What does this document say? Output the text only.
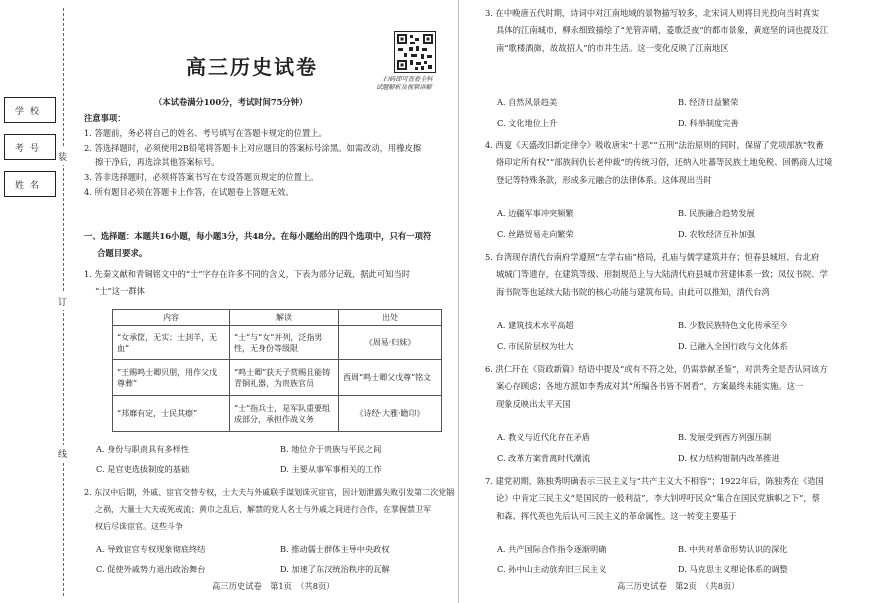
装
订
线
学校
考号
姓名
高三历史试卷
扫码即可查看全科
试题解析及视频讲解
（本试卷满分100分，考试时间75分钟）
注意事项：
1. 答题前，务必将自己的姓名、考号填写在答题卡规定的位置上。
2. 答选择题时，必须使用2B铅笔将答题卡上对应题目的答案标号涂黑。如需改动，用橡皮擦
擦干净后，再选涂其他答案标号。
3. 答非选择题时，必须将答案书写在专设答题页规定的位置上。
4. 所有题目必须在答题卡上作答，在试题卷上答题无效。
一、选择题：本题共16小题，每小题3分，共48分。在每小题给出的四个选项中，只有一项符
合题目要求。
1. 先秦文献和青铜铭文中的“士”字存在许多不同的含义，下表为部分记载，据此可知当时
“士”这一群体
内容	解读	出处
“女承筐，无实；士刲羊，无血”	“士”与“女”并列，泛指男性，无身份等级限	《周易·归妹》
“王赐鸣士卿贝朋，用作父戊尊彝”	“鸣士卿”获天子赏赐且能铸青铜礼器，为贵族官员	西周“鸣士卿父戊尊”铭文
“邦靡有定，士民其瘵”	“士”指兵士，是军队重要组成部分，承担作战义务	《诗经·大雅·瞻卬》
A. 身份与职责具有多样性	B. 地位介于贵族与平民之间
C. 是官吏选拔制度的基础	D. 主要从事军事相关的工作
2. 东汉中后期，外戚、宦官交替专权，士大夫与外戚联手谋划诛灭宦官，因计划泄露失败引发第二次党锢
之祸，大量士大夫或死或流；黄巾之乱后，解禁的党人名士与外戚之间进行合作，在掌握禁卫军
权后尽诛宦官。这些斗争
A. 导致宦官专权现象彻底终结	B. 推动儒士群体主导中央政权
C. 促使外戚势力退出政治舞台	D. 加速了东汉统治秩序的瓦解
高三历史试卷　第1页　（共8页）
3. 在中晚唐五代时期，诗词中对江南地域的景物描写较多，北宋词人则将目光投向当时真实
具体的江南城市，柳永细致描绘了“羌管弄晴，菱歌泛夜”的都市景象，黄庭坚的词也提及江
南“歌楼酒旆，故故招人”的市井生活。这一变化反映了江南地区
A. 自然风景趋美	B. 经济日益繁荣
C. 文化地位上升	D. 科举制度完善
4. 西夏《天盛改旧新定律令》吸收唐宋“十恶”“五刑”法治原则的同时，保留了党项部族“牧畜
烙印定所有权”“部族间仇长老仲裁”的传统习俗，还纳入吐蕃等民族土地免税、回鹘商人过境
登记等特殊条款，形成多元融合的法律体系。这体现出当时
A. 边疆军事冲突频繁	B. 民族融合趋势发展
C. 丝路贸易走向繁荣	D. 农牧经济互补加强
5. 台湾现存清代台南府学遵照“左学右庙”格局，孔庙与儒学建筑并存；恒春县城垣、台北府
城城门等遗存，在建筑等级、形制规范上与大陆清代府县城市营建体系一致；凤仪书院、学
海书院等也延续大陆书院的核心功能与建筑布局。由此可以推知，清代台湾
A. 建筑技术水平高超	B. 少数民族特色文化传承至今
C. 市民阶层权为壮大	D. 已融入全国行政与文化体系
6. 洪仁玕在《资政新篇》结语中提及“或有不符之处，仍需恭献圣鉴”，对洪秀全是否认同该方
案心存顾虑；各地方派如李秀成对其“所编各书皆不屑看”，方案最终未能实施。这一
现象反映出太平天国
A. 教义与近代化存在矛盾	B. 发展受到西方列强压制
C. 改革方案背离时代潮流	D. 权力结构钳制内改革推进
7. 建党初期，陈独秀明确表示三民主义与“共产主义大不相容”；1922年后，陈独秀在《造国
论》中肯定三民主义“是国民的一般利益”，李大钊呼吁民众“集合在国民党旗帜之下”，蔡
和森、挥代英也先后认可三民主义的革命属性。这一转变主要基于
A. 共产国际合作指令逐渐明确	B. 中共对革命形势认识的深化
C. 孙中山主动放弃旧三民主义	D. 马克思主义理论体系的调整
高三历史试卷　第2页　（共8页）
